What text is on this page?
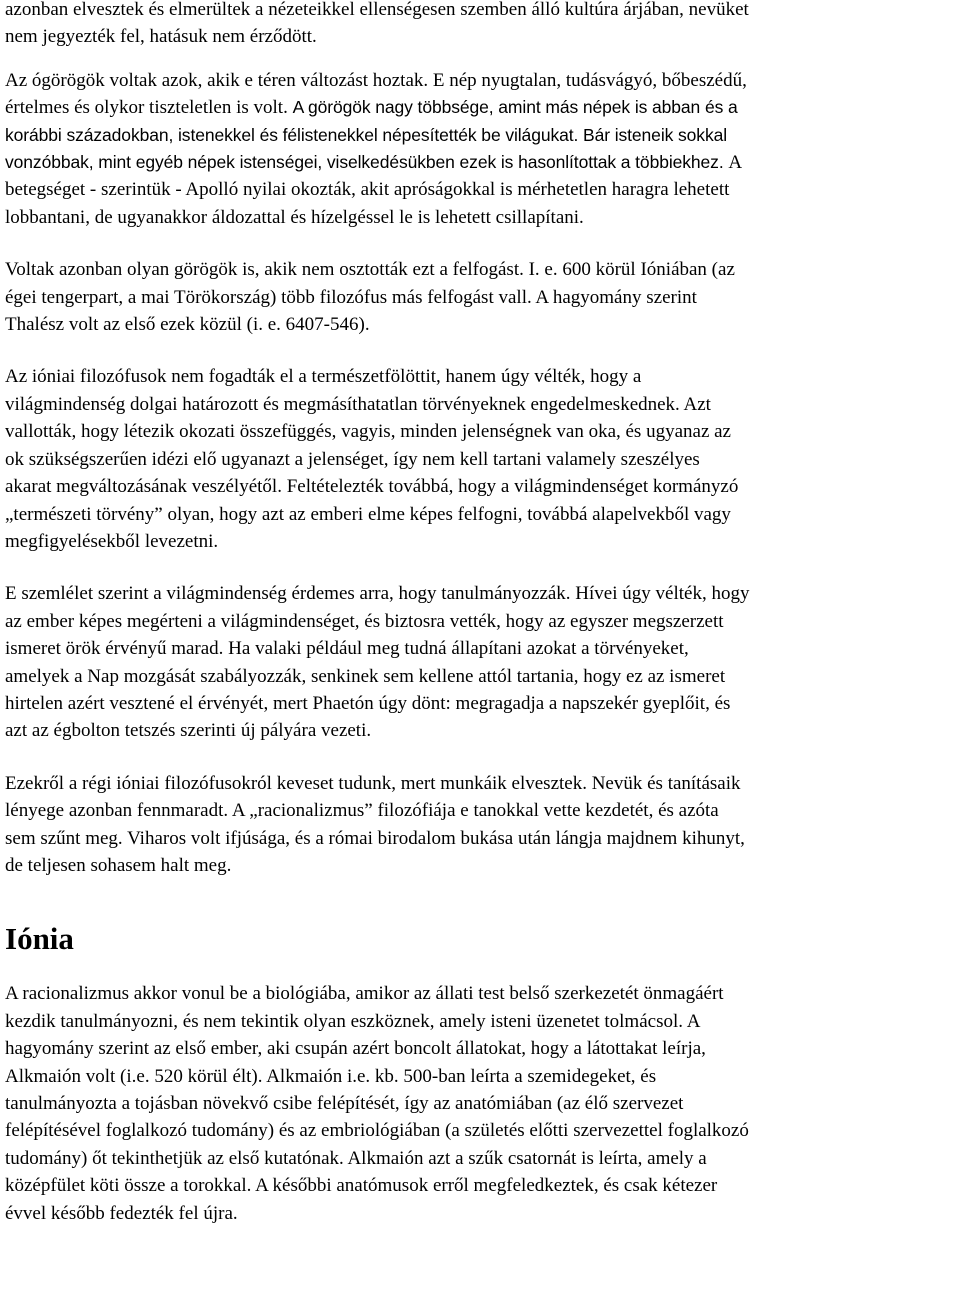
azonban elvesztek és elmerültek a nézeteikkel ellenségesen szemben álló kultúra árjában, nevüket
nem jegyezték fel, hatásuk nem érződött.
Az ógörögök voltak azok, akik e téren változást hoztak. E nép nyugtalan, tudásvágyó, bőbeszédű,
értelmes és olykor tiszteletlen is volt. A görögök nagy többsége, amint más népek is abban és a
korábbi századokban, istenekkel és félistenekkel népesítették be világukat. Bár isteneik sokkal
vonzóbbak, mint egyéb népek istenségei, viselkedésükben ezek is hasonlítottak a többiekhez. A
betegséget - szerintük - Apolló nyilai okozták, akit apróságokkal is mérhetetlen haragra lehetett
lobbantani, de ugyanakkor áldozattal és hízelgéssel le is lehetett csillapítani.
Voltak azonban olyan görögök is, akik nem osztották ezt a felfogást. I. e. 600 körül Ióniában (az
égei tengerpart, a mai Törökország) több filozófus más felfogást vall. A hagyomány szerint
Thalész volt az első ezek közül (i. e. 6407-546).
Az ióniai filozófusok nem fogadták el a természetfölöttit, hanem úgy vélték, hogy a
világmindenség dolgai határozott és megmásíthatatlan törvényeknek engedelmeskednek. Azt
vallották, hogy létezik okozati összefüggés, vagyis, minden jelenségnek van oka, és ugyanaz az
ok szükségszerűen idézi elő ugyanazt a jelenséget, így nem kell tartani valamely szeszélyes
akarat megváltozásának veszélyétől. Feltételezték továbbá, hogy a világmindenséget kormányzó
„természeti törvény” olyan, hogy azt az emberi elme képes felfogni, továbbá alapelvekből vagy
megfigyelésekből levezetni.
E szemlélet szerint a világmindenség érdemes arra, hogy tanulmányozzák. Hívei úgy vélték, hogy
az ember képes megérteni a világmindenséget, és biztosra vették, hogy az egyszer megszerzett
ismeret örök érvényű marad. Ha valaki például meg tudná állapítani azokat a törvényeket,
amelyek a Nap mozgását szabályozzák, senkinek sem kellene attól tartania, hogy ez az ismeret
hirtelen azért vesztené el érvényét, mert Phaetón úgy dönt: megragadja a napszekér gyeplőit, és
azt az égbolton tetszés szerinti új pályára vezeti.
Ezekről a régi ióniai filozófusokról keveset tudunk, mert munkáik elvesztek. Nevük és tanításaik
lényege azonban fennmaradt. A „racionalizmus” filozófiája e tanokkal vette kezdetét, és azóta
sem szűnt meg. Viharos volt ifjúsága, és a római birodalom bukása után lángja majdnem kihunyt,
de teljesen sohasem halt meg.
Iónia
A racionalizmus akkor vonul be a biológiába, amikor az állati test belső szerkezetét önmagáért
kezdik tanulmányozni, és nem tekintik olyan eszköznek, amely isteni üzenetet tolmácsol. A
hagyomány szerint az első ember, aki csupán azért boncolt állatokat, hogy a látottakat leírja,
Alkmaión volt (i.e. 520 körül élt). Alkmaión i.e. kb. 500-ban leírta a szemidegeket, és
tanulmányozta a tojásban növekvő csibe felépítését, így az anatómiában (az élő szervezet
felépítésével foglalkozó tudomány) és az embriológiában (a születés előtti szervezettel foglalkozó
tudomány) őt tekinthetjük az első kutatónak. Alkmaión azt a szűk csatornát is leírta, amely a
középfület köti össze a torokkal. A későbbi anatómusok erről megfeledkeztek, és csak kétezer
évvel később fedezték fel újra.
